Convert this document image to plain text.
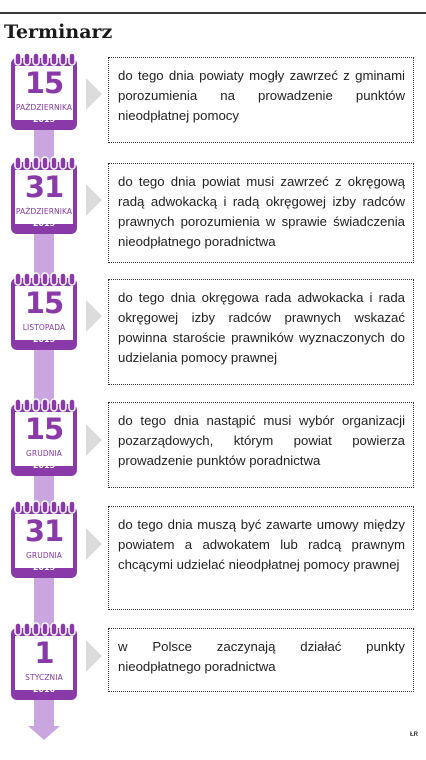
Terminarz
15
PAŹDZIERNIKA
2015
do tego dnia powiaty mogły zawrzeć z gminami porozumienia na prowadzenie punktów nieodpłatnej pomocy
31
PAŹDZIERNIKA
2015
do tego dnia powiat musi zawrzeć z okręgową radą adwokacką i radą okręgowej izby radców prawnych porozumienia w sprawie świadczenia nieodpłatnego poradnictwa
15
LISTOPADA
2015
do tego dnia okręgowa rada adwokacka i rada okręgowej izby radców prawnych wskazać powinna staroście prawników wyznaczonych do udzielania pomocy prawnej
15
GRUDNIA
2015
do tego dnia nastąpić musi wybór organizacji pozarządowych, którym powiat powierza prowadzenie punktów poradnictwa
31
GRUDNIA
2015
do tego dnia muszą być zawarte umowy między powiatem a adwokatem lub radcą prawnym chcącymi udzielać nieodpłatnej pomocy prawnej
1
STYCZNIA
2016
w Polsce zaczynają działać punkty nieodpłatnego poradnictwa
ŁR
